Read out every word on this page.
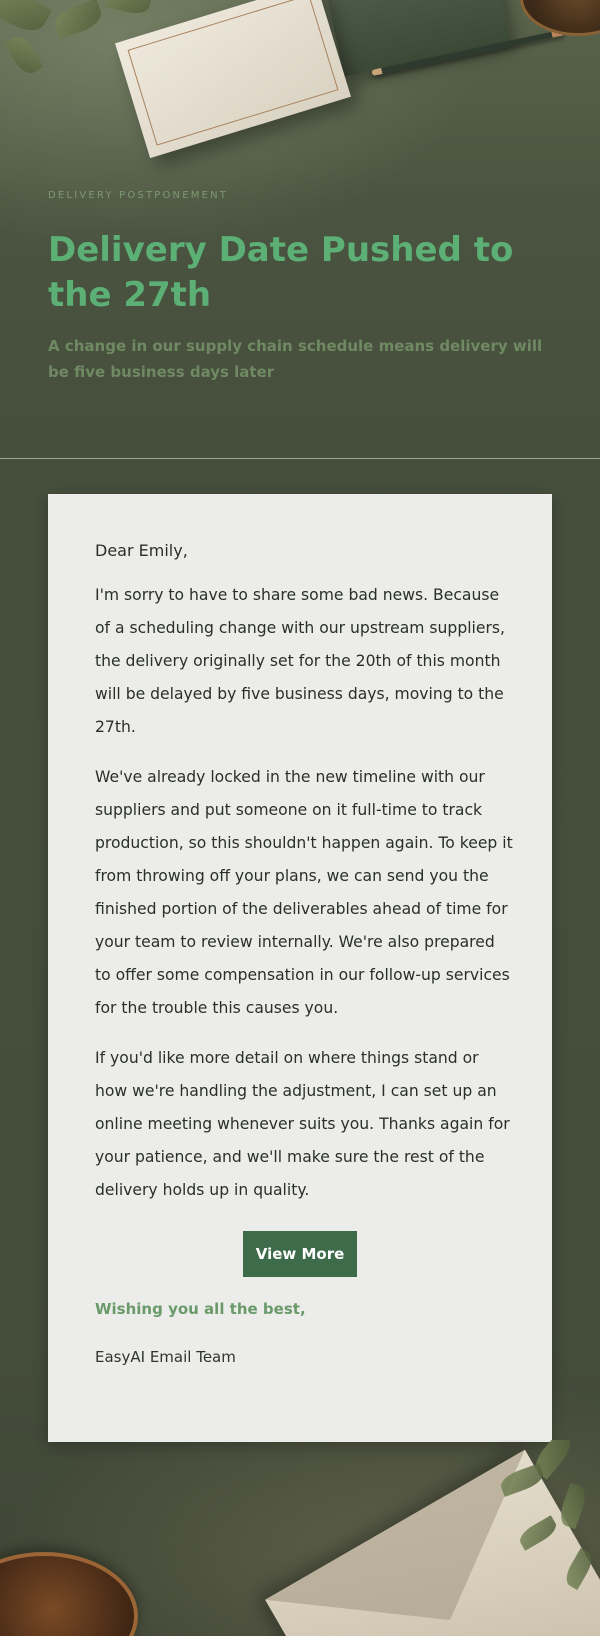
DELIVERY POSTPONEMENT

Delivery Date Pushed to the 27th

A change in our supply chain schedule means delivery will be five business days later

Dear Emily,

I'm sorry to have to share some bad news. Because of a scheduling change with our upstream suppliers, the delivery originally set for the 20th of this month will be delayed by five business days, moving to the 27th.

We've already locked in the new timeline with our suppliers and put someone on it full-time to track production, so this shouldn't happen again. To keep it from throwing off your plans, we can send you the finished portion of the deliverables ahead of time for your team to review internally. We're also prepared to offer some compensation in our follow-up services for the trouble this causes you.

If you'd like more detail on where things stand or how we're handling the adjustment, I can set up an online meeting whenever suits you. Thanks again for your patience, and we'll make sure the rest of the delivery holds up in quality.

View More

Wishing you all the best,

EasyAI Email Team
